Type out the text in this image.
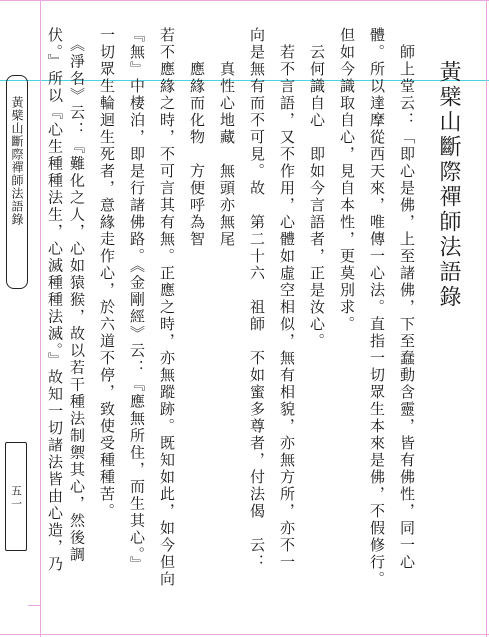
黃檗山斷際禪師法語錄
五一
黃檗山斷際禪師法語錄
　師上堂云：「即心是佛，上至諸佛，下至蠢動含靈，皆有佛性，同一心
體。所以達摩從西天來，唯傳一心法。直指一切眾生本來是佛，不假修行。
但如今識取自心，見自本性，更莫別求。
　云何識自心　即如今言語者，正是汝心。
　若不言語，又不作用，心體如虛空相似，無有相貌，亦無方所，亦不一
向是無有而不可見。故　第二十六　祖師　不如蜜多尊者，付法偈　云：
　　真性心地藏　無頭亦無尾
　　應緣而化物　方便呼為智
若不應緣之時，不可言其有無。正應之時，亦無蹤跡。既知如此，如今但向
『無』中棲泊，即是行諸佛路。《金剛經》云：『應無所住，而生其心。』
一切眾生輪迴生死者，意緣走作心，於六道不停，致使受種種苦。
　《淨名》云：『難化之人，心如猿猴，故以若干種法制禦其心，然後調
伏。』所以『心生種種法生，心滅種種法滅。』故知一切諸法皆由心造，乃
